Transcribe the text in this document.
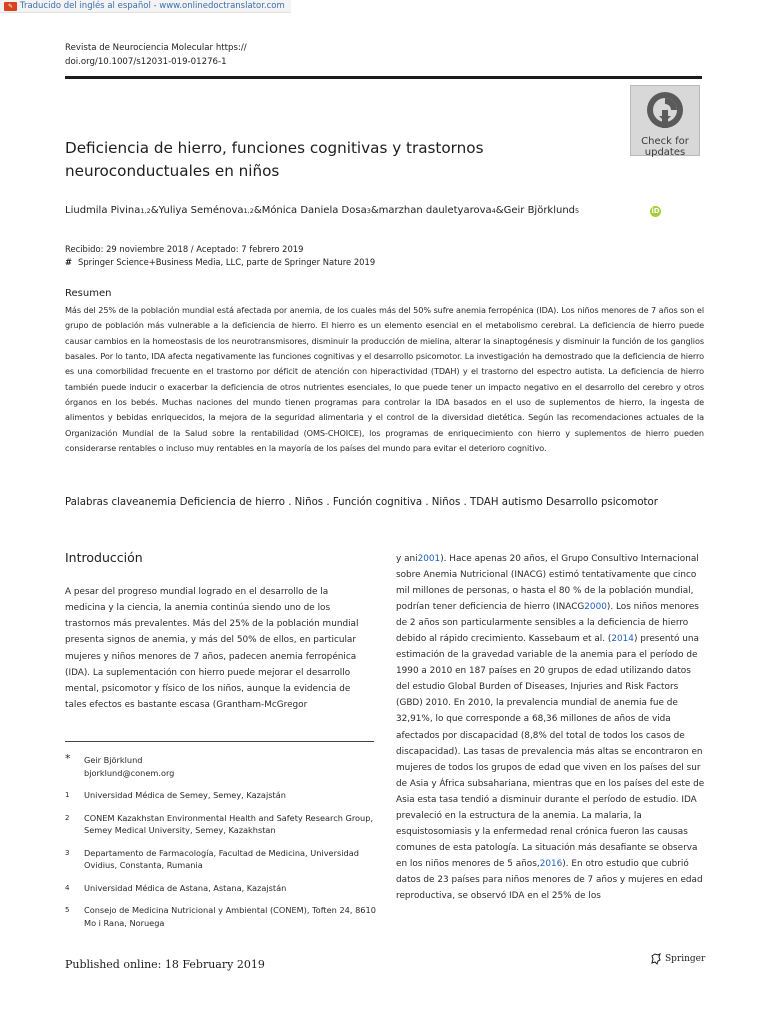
✎ Traducido del inglés al español - www.onlinedoctranslator.com
Revista de Neurociencia Molecular https://
doi.org/10.1007/s12031-019-01276-1
Check for
updates
Deficiencia de hierro, funciones cognitivas y trastornos
neuroconductuales en niños
Liudmila Pivina1,2&Yuliya Seménova1,2&Mónica Daniela Dosa3&marzhan dauletyarova4&Geir Björklund5	iD
Recibido: 29 noviembre 2018 / Aceptado: 7 febrero 2019
# Springer Science+Business Media, LLC, parte de Springer Nature 2019
Resumen

Más del 25% de la población mundial está afectada por anemia, de los cuales más del 50% sufre anemia ferropénica (IDA). Los niños menores de 7 años son el grupo de población más vulnerable a la deficiencia de hierro. El hierro es un elemento esencial en el metabolismo cerebral. La deficiencia de hierro puede causar cambios en la homeostasis de los neurotransmisores, disminuir la producción de mielina, alterar la sinaptogénesis y disminuir la función de los ganglios basales. Por lo tanto, IDA afecta negativamente las funciones cognitivas y el desarrollo psicomotor. La investigación ha demostrado que la deficiencia de hierro es una comorbilidad frecuente en el trastorno por déficit de atención con hiperactividad (TDAH) y el trastorno del espectro autista. La deficiencia de hierro también puede inducir o exacerbar la deficiencia de otros nutrientes esenciales, lo que puede tener un impacto negativo en el desarrollo del cerebro y otros órganos en los bebés. Muchas naciones del mundo tienen programas para controlar la IDA basados en el uso de suplementos de hierro, la ingesta de alimentos y bebidas enriquecidos, la mejora de la seguridad alimentaria y el control de la diversidad dietética. Según las recomendaciones actuales de la Organización Mundial de la Salud sobre la rentabilidad (OMS-CHOICE), los programas de enriquecimiento con hierro y suplementos de hierro pueden considerarse rentables o incluso muy rentables en la mayoría de los países del mundo para evitar el deterioro cognitivo.

Palabras claveanemia Deficiencia de hierro . Niños . Función cognitiva . Niños . TDAH autismo Desarrollo psicomotor
Introducción
A pesar del progreso mundial logrado en el desarrollo de la
medicina y la ciencia, la anemia continúa siendo uno de los
trastornos más prevalentes. Más del 25% de la población mundial
presenta signos de anemia, y más del 50% de ellos, en particular
mujeres y niños menores de 7 años, padecen anemia ferropénica
(IDA). La suplementación con hierro puede mejorar el desarrollo
mental, psicomotor y físico de los niños, aunque la evidencia de
tales efectos es bastante escasa (Grantham-McGregor
* Geir Björklund
bjorklund@conem.org
1 Universidad Médica de Semey, Semey, Kazajstán
2 CONEM Kazakhstan Environmental Health and Safety Research Group, Semey Medical University, Semey, Kazakhstan
3 Departamento de Farmacología, Facultad de Medicina, Universidad Ovidius, Constanta, Rumania
4 Universidad Médica de Astana, Astana, Kazajstán
5 Consejo de Medicina Nutricional y Ambiental (CONEM), Toften 24, 8610 Mo i Rana, Noruega

y ani2001). Hace apenas 20 años, el Grupo Consultivo Internacional sobre Anemia Nutricional (INACG) estimó tentativamente que cinco mil millones de personas, o hasta el 80 % de la población mundial, podrían tener deficiencia de hierro (INACG2000). Los niños menores de 2 años son particularmente sensibles a la deficiencia de hierro debido al rápido crecimiento. Kassebaum et al. (2014) presentó una estimación de la gravedad variable de la anemia para el período de 1990 a 2010 en 187 países en 20 grupos de edad utilizando datos del estudio Global Burden of Diseases, Injuries and Risk Factors (GBD) 2010. En 2010, la prevalencia mundial de anemia fue de 32,91%, lo que corresponde a 68,36 millones de años de vida afectados por discapacidad (8,8% del total de todos los casos de discapacidad). Las tasas de prevalencia más altas se encontraron en mujeres de todos los grupos de edad que viven en los países del sur de Asia y África subsahariana, mientras que en los países del este de Asia esta tasa tendió a disminuir durante el período de estudio. IDA prevaleció en la estructura de la anemia. La malaria, la esquistosomiasis y la enfermedad renal crónica fueron las causas comunes de esta patología. La situación más desafiante se observa en los niños menores de 5 años,2016). En otro estudio que cubrió datos de 23 países para niños menores de 7 años y mujeres en edad reproductiva, se observó IDA en el 25% de los

Published online: 18 February 2019	Springer
